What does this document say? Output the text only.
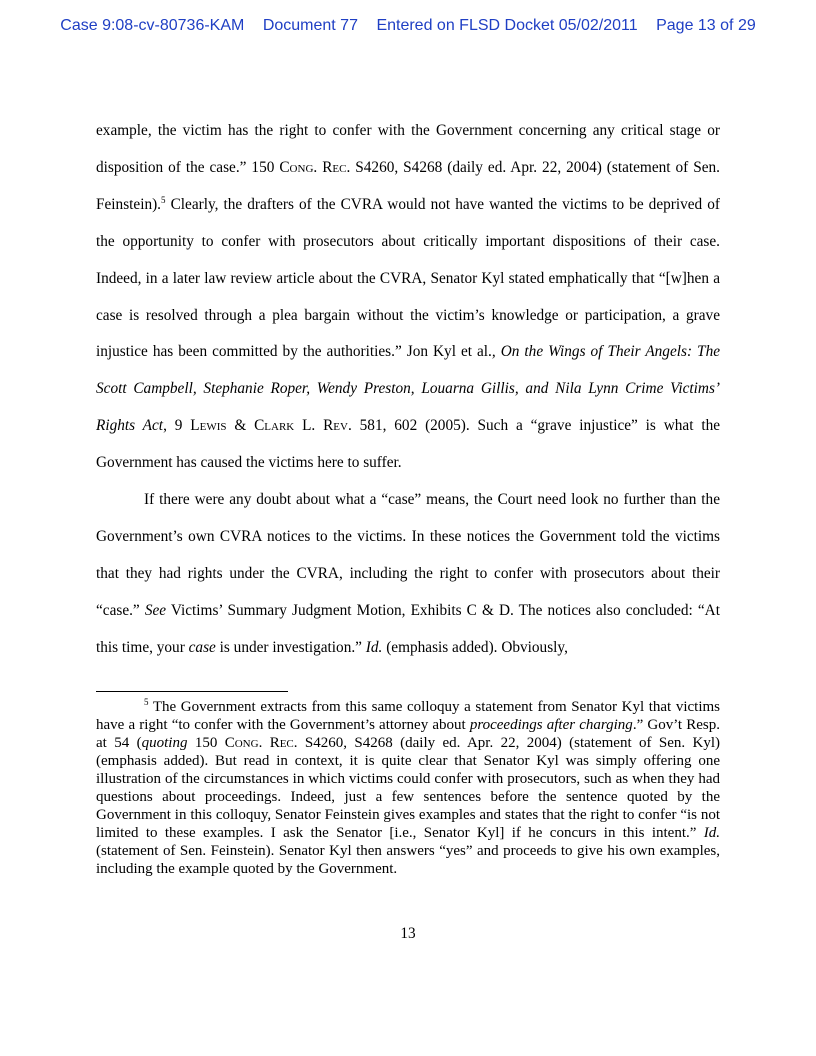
Case 9:08-cv-80736-KAM Document 77 Entered on FLSD Docket 05/02/2011 Page 13 of 29

example, the victim has the right to confer with the Government concerning any critical stage or disposition of the case.” 150 Cong. Rec. S4260, S4268 (daily ed. Apr. 22, 2004) (statement of Sen. Feinstein).$^5$ Clearly, the drafters of the CVRA would not have wanted the victims to be deprived of the opportunity to confer with prosecutors about critically important dispositions of their case. Indeed, in a later law review article about the CVRA, Senator Kyl stated emphatically that “[w]hen a case is resolved through a plea bargain without the victim’s knowledge or participation, a grave injustice has been committed by the authorities.” Jon Kyl et al., On the Wings of Their Angels: The Scott Campbell, Stephanie Roper, Wendy Preston, Louarna Gillis, and Nila Lynn Crime Victims’ Rights Act, 9 Lewis & Clark L. Rev. 581, 602 (2005). Such a “grave injustice” is what the Government has caused the victims here to suffer.

If there were any doubt about what a “case” means, the Court need look no further than the Government’s own CVRA notices to the victims. In these notices the Government told the victims that they had rights under the CVRA, including the right to confer with prosecutors about their “case.” See Victims’ Summary Judgment Motion, Exhibits C & D. The notices also concluded: “At this time, your case is under investigation.” Id. (emphasis added). Obviously,

$^5$ The Government extracts from this same colloquy a statement from Senator Kyl that victims have a right “to confer with the Government’s attorney about proceedings after charging.” Gov’t Resp. at 54 (quoting 150 Cong. Rec. S4260, S4268 (daily ed. Apr. 22, 2004) (statement of Sen. Kyl) (emphasis added). But read in context, it is quite clear that Senator Kyl was simply offering one illustration of the circumstances in which victims could confer with prosecutors, such as when they had questions about proceedings. Indeed, just a few sentences before the sentence quoted by the Government in this colloquy, Senator Feinstein gives examples and states that the right to confer “is not limited to these examples. I ask the Senator [i.e., Senator Kyl] if he concurs in this intent.” Id. (statement of Sen. Feinstein). Senator Kyl then answers “yes” and proceeds to give his own examples, including the example quoted by the Government.

13
